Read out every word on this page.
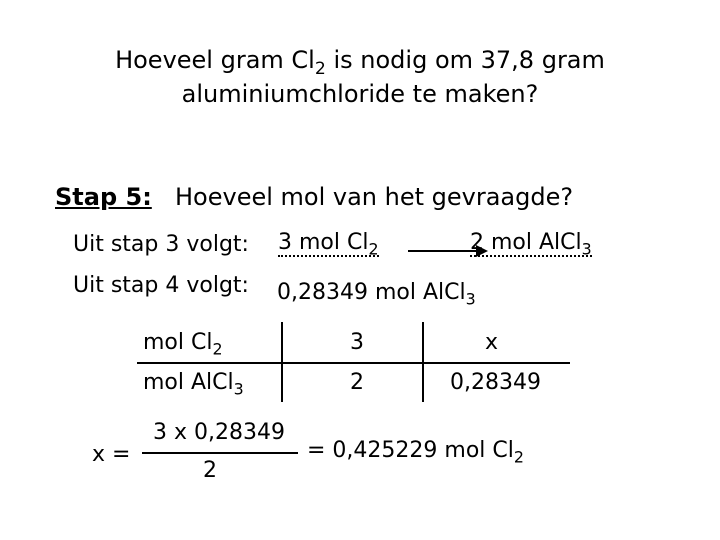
Hoeveel gram $Cl_2$ is nodig om 37,8 gram
aluminiumchloride te maken?
Stap 5: Hoeveel mol van het gevraagde?
Uit stap 3 volgt: 3 mol $Cl_2$	2 mol AlCl$_3$
Uit stap 4 volgt: 0,28349 mol AlCl$_3$
mol $Cl_2$
mol AlCl$_3$
3
2
x
0,28349
x =
3 x 0,28349
2
= 0,425229 mol $Cl_2$
